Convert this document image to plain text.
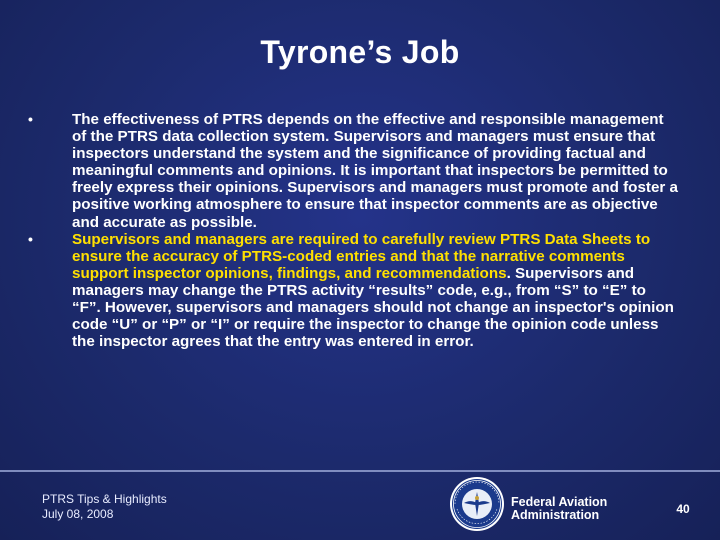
Tyrone’s Job
•	The effectiveness of PTRS depends on the effective and responsible management of the PTRS data collection system. Supervisors and managers must ensure that inspectors understand the system and the significance of providing factual and meaningful comments and opinions. It is important that inspectors be permitted to freely express their opinions. Supervisors and managers must promote and foster a positive working atmosphere to ensure that inspector comments are as objective and accurate as possible.
•	Supervisors and managers are required to carefully review PTRS Data Sheets to ensure the accuracy of PTRS-coded entries and that the narrative comments support inspector opinions, findings, and recommendations. Supervisors and managers may change the PTRS activity “results” code, e.g., from “S” to “E” to “F”. However, supervisors and managers should not change an inspector's opinion code “U” or “P” or “I” or require the inspector to change the opinion code unless the inspector agrees that the entry was entered in error.
PTRS Tips & Highlights
July 08, 2008
Federal Aviation
Administration	40
